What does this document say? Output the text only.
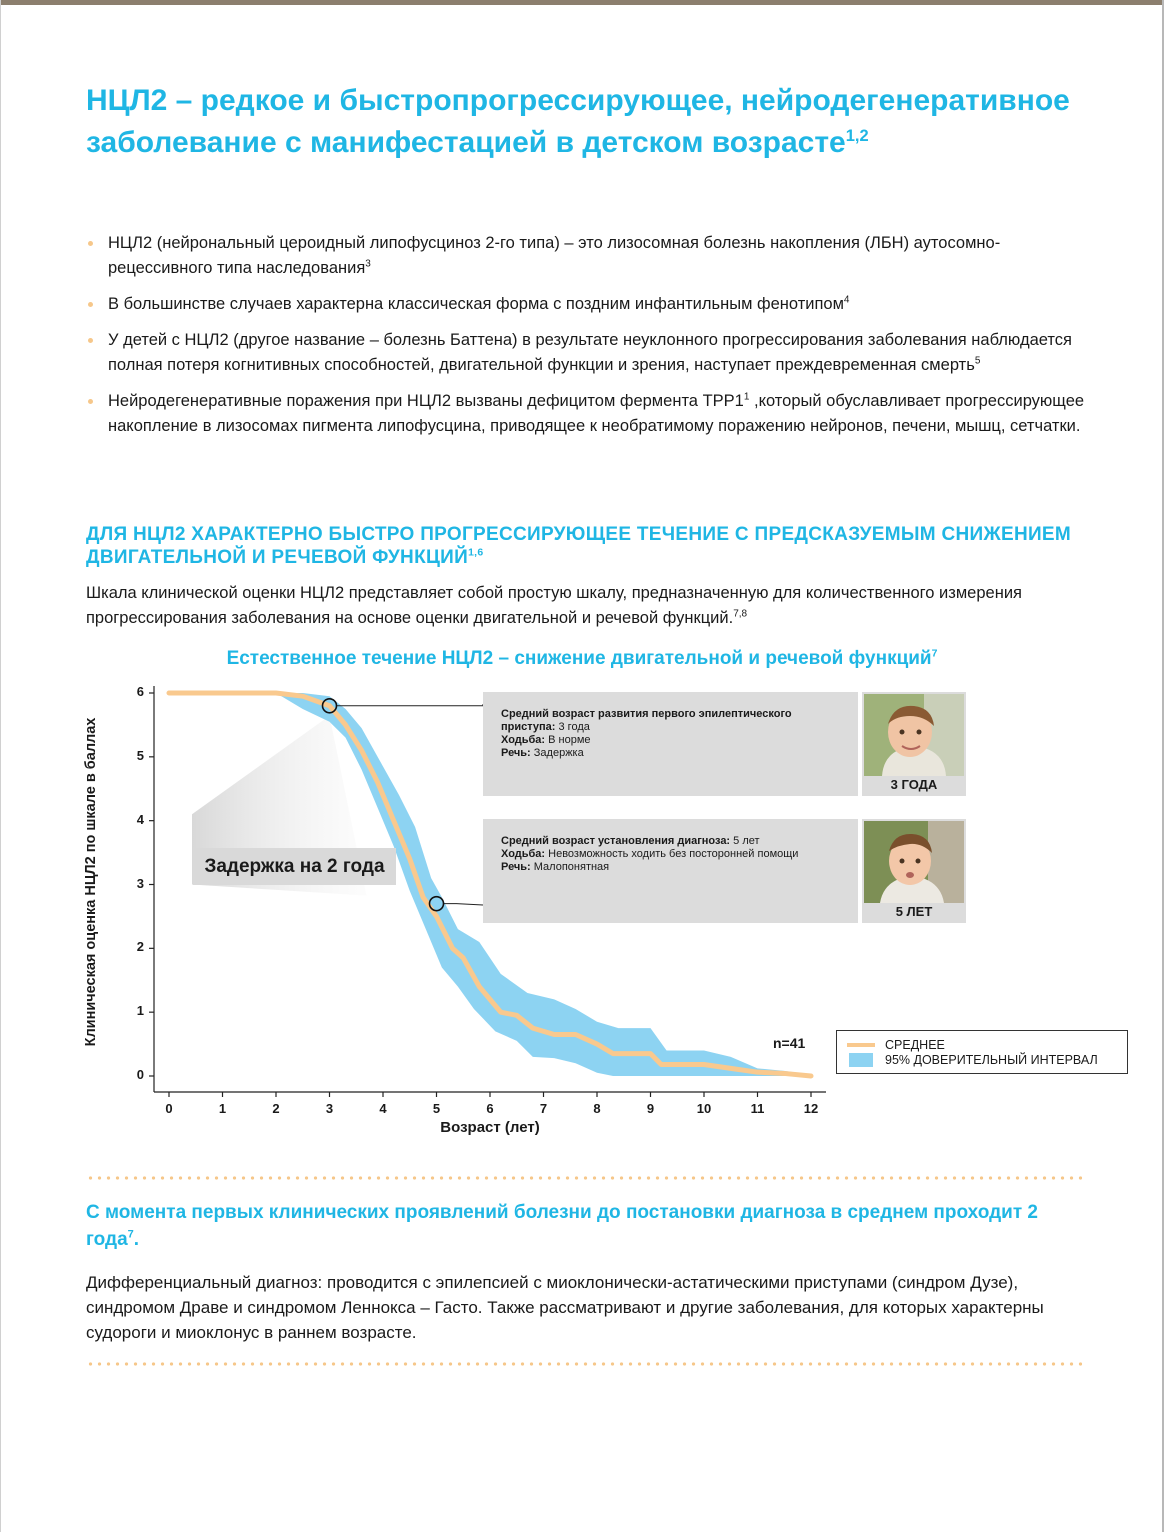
НЦЛ2 – редкое и быстропрогрессирующее, нейродегенеративное заболевание с манифестацией в детском возрасте$^{1,2}$
НЦЛ2 (нейрональный цероидный липофусциноз 2-го типа) – это лизосомная болезнь накопления (ЛБН) аутосомно-рецессивного типа наследования$^3$
В большинстве случаев характерна классическая форма с поздним инфантильным фенотипом$^4$
У детей с НЦЛ2 (другое название – болезнь Баттена) в результате неуклонного прогрессирования заболевания наблюдается полная потеря когнитивных способностей, двигательной функции и зрения, наступает преждевременная смерть$^5$
Нейродегенеративные поражения при НЦЛ2 вызваны дефицитом фермента $TPP1^1$ ,который обуславливает прогрессирующее накопление в лизосомах пигмента липофусцина, приводящее к необратимому поражению нейронов, печени, мышц, сетчатки.
ДЛЯ НЦЛ2 ХАРАКТЕРНО БЫСТРО ПРОГРЕССИРУЮЩЕЕ ТЕЧЕНИЕ С ПРЕДСКАЗУЕМЫМ СНИЖЕНИЕМ ДВИГАТЕЛЬНОЙ И РЕЧЕВОЙ ФУНКЦИЙ$^{1,6}$

Шкала клинической оценки НЦЛ2 представляет собой простую шкалу, предназначенную для количественного измерения прогрессирования заболевания на основе оценки двигательной и речевой функций.$^{7,8}$

Естественное течение НЦЛ2 – снижение двигательной и речевой функций$^7$
Клиническая оценка НЦЛ2 по шкале в баллах
Возраст (лет)
0
1
2
3
4
5
6
0	1	2	3	4	5	6	7	8	9	10	11	12
Задержка на 2 года
Средний возраст развития первого эпилептического приступа: 3 года
Ходьба: В норме
Речь: Задержка
3 ГОДА
Средний возраст установления диагноза: 5 лет
Ходьба: Невозможность ходить без посторонней помощи
Речь: Малопонятная
5 ЛЕТ
n=41	СРЕДНЕЕ
95% ДОВЕРИТЕЛЬНЫЙ ИНТЕРВАЛ

С момента первых клинических проявлений болезни до постановки диагноза в среднем проходит 2 года$^7$.

Дифференциальный диагноз: проводится с эпилепсией с миоклонически-астатическими приступами (синдром Дузе), синдромом Драве и синдромом Леннокса – Гасто. Также рассматривают и другие заболевания, для которых характерны судороги и миоклонус в раннем возрасте.
